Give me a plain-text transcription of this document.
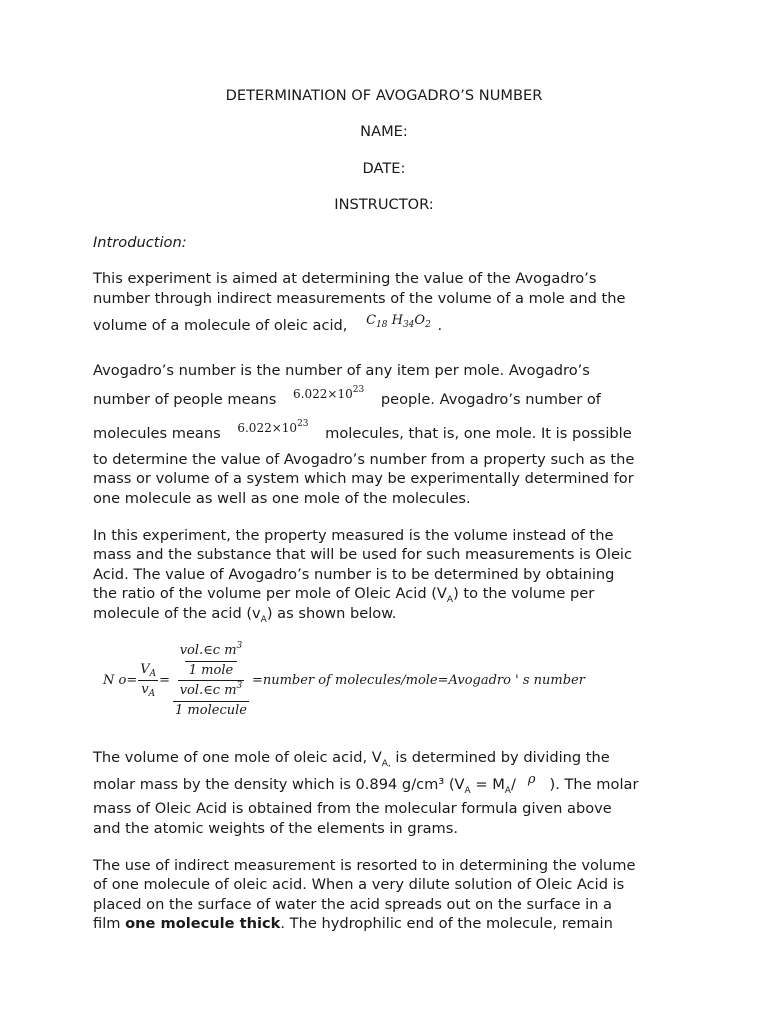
DETERMINATION OF AVOGADRO’S NUMBER
NAME:
DATE:
INSTRUCTOR:
Introduction:
This experiment is aimed at determining the value of the Avogadro’s
number through indirect measurements of the volume of a mole and the
volume of a molecule of oleic acid, $C_{18}$ $H_{34}O_2$ .
Avogadro’s number is the number of any item per mole. Avogadro’s
number of people means $6.022\times 10^{23}$ people. Avogadro’s number of
molecules means $6.022\times 10^{23}$ molecules, that is, one mole. It is possible
to determine the value of Avogadro’s number from a property such as the
mass or volume of a system which may be experimentally determined for
one molecule as well as one mole of the molecules.
In this experiment, the property measured is the volume instead of the
mass and the substance that will be used for such measurements is Oleic
Acid. The value of Avogadro’s number is to be determined by obtaining
the ratio of the volume per mole of Oleic Acid $(V_A)$ to the volume per
molecule of the acid $(v_A)$ as shown below.
N $o= \frac{V_A}{v_A}$ = vol.∈c $m^3$
1 mole
vol.∈c $m^3$
1 molecule =number of molecules/mole=Avogadro ' s number
The volume of one mole of oleic acid, $V_{A,}$ is determined by dividing the
molar mass by the density which is 0.894 g/cm³ ($V_A = M_A/$ ρ ). The molar
mass of Oleic Acid is obtained from the molecular formula given above
and the atomic weights of the elements in grams.
The use of indirect measurement is resorted to in determining the volume
of one molecule of oleic acid. When a very dilute solution of Oleic Acid is
placed on the surface of water the acid spreads out on the surface in a
film one molecule thick. The hydrophilic end of the molecule, remain
